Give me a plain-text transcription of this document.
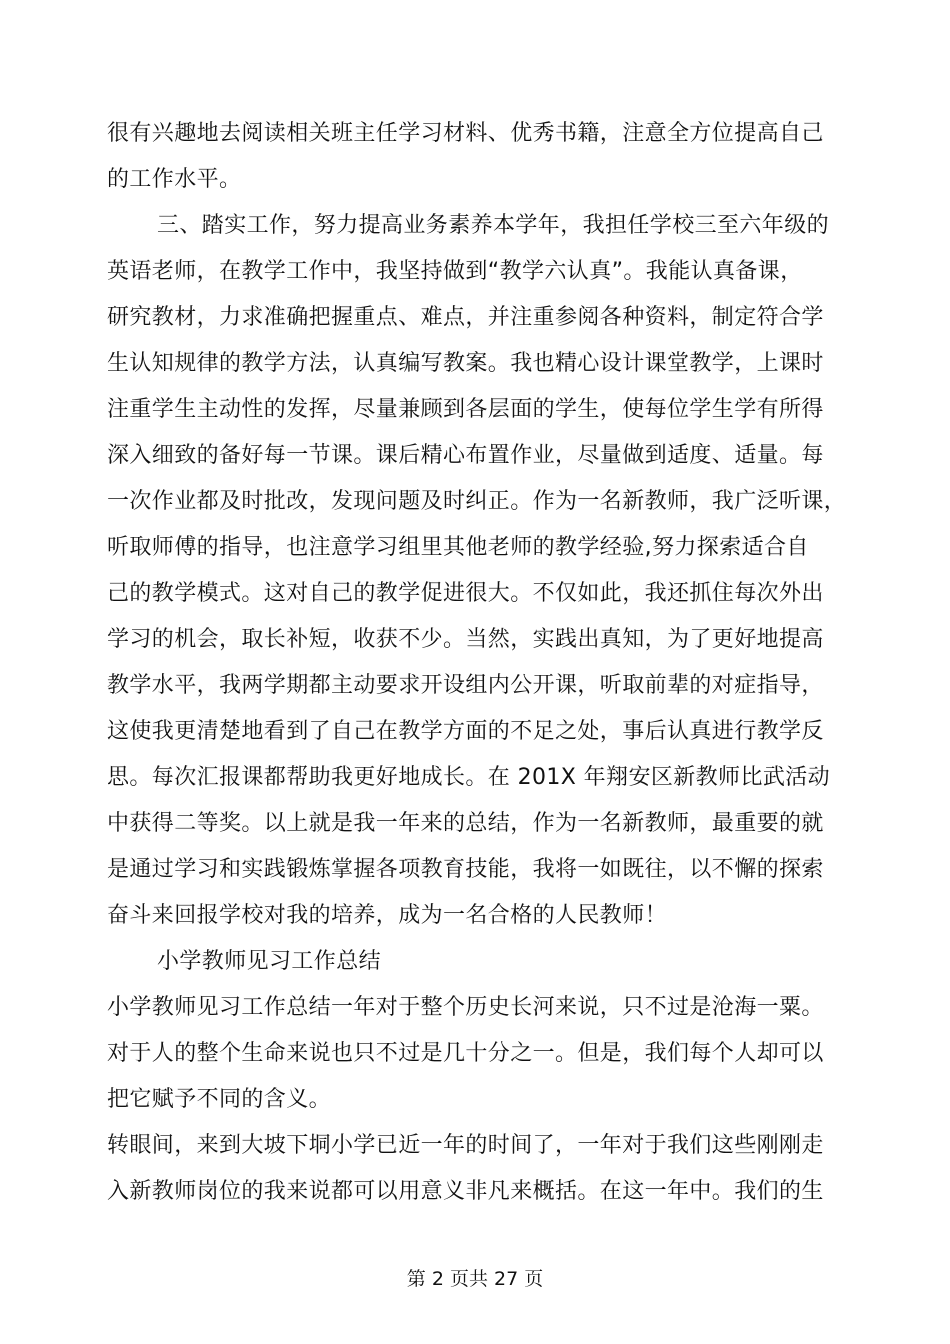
很有兴趣地去阅读相关班主任学习材料、优秀书籍，注意全方位提高自己
的工作水平。
三、踏实工作，努力提高业务素养本学年，我担任学校三至六年级的
英语老师，在教学工作中，我坚持做到“教学六认真”。我能认真备课，
研究教材，力求准确把握重点、难点，并注重参阅各种资料，制定符合学
生认知规律的教学方法，认真编写教案。我也精心设计课堂教学，上课时
注重学生主动性的发挥，尽量兼顾到各层面的学生，使每位学生学有所得
深入细致的备好每一节课。课后精心布置作业，尽量做到适度、适量。每
一次作业都及时批改，发现问题及时纠正。作为一名新教师，我广泛听课，
听取师傅的指导，也注意学习组里其他老师的教学经验,努力探索适合自
己的教学模式。这对自己的教学促进很大。不仅如此，我还抓住每次外出
学习的机会，取长补短，收获不少。当然，实践出真知，为了更好地提高
教学水平，我两学期都主动要求开设组内公开课，听取前辈的对症指导，
这使我更清楚地看到了自己在教学方面的不足之处，事后认真进行教学反
思。每次汇报课都帮助我更好地成长。在 201X 年翔安区新教师比武活动
中获得二等奖。以上就是我一年来的总结，作为一名新教师，最重要的就
是通过学习和实践锻炼掌握各项教育技能，我将一如既往，以不懈的探索
奋斗来回报学校对我的培养，成为一名合格的人民教师！
小学教师见习工作总结
小学教师见习工作总结一年对于整个历史长河来说，只不过是沧海一粟。
对于人的整个生命来说也只不过是几十分之一。但是，我们每个人却可以
把它赋予不同的含义。
转眼间，来到大坡下垌小学已近一年的时间了，一年对于我们这些刚刚走
入新教师岗位的我来说都可以用意义非凡来概括。在这一年中。我们的生
第 2 页共 27 页
